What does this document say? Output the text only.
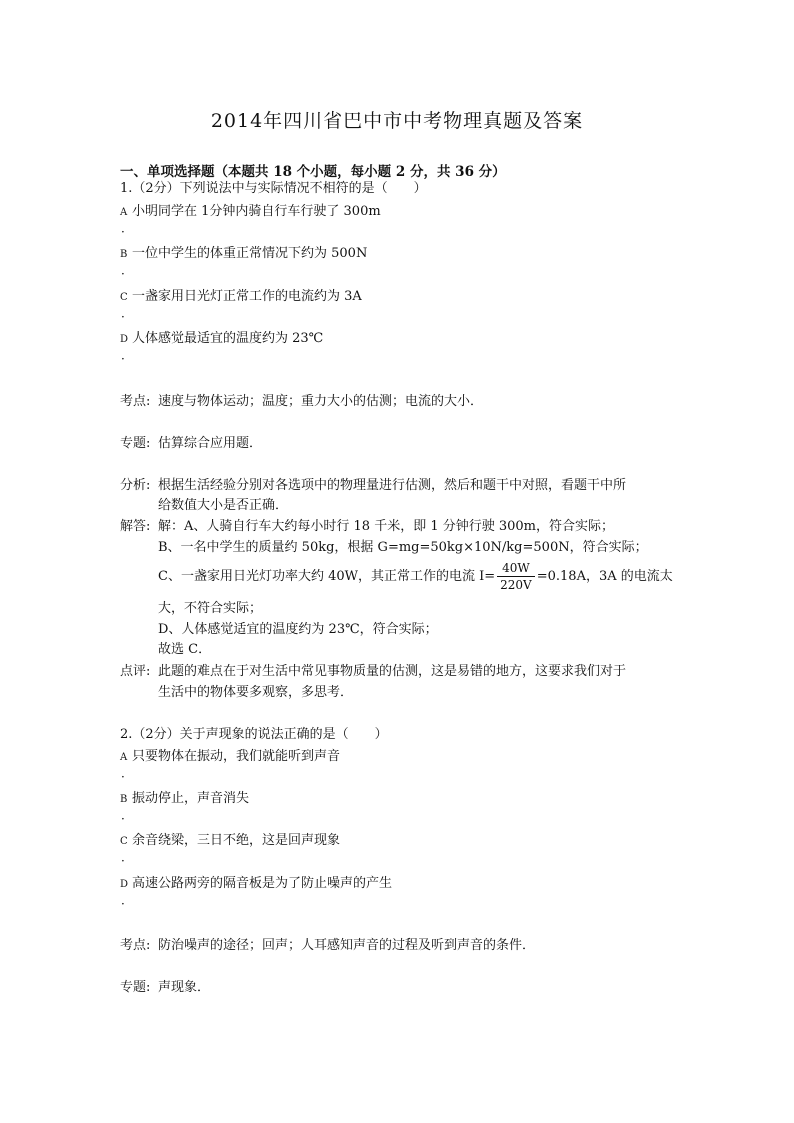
2014年四川省巴中市中考物理真题及答案
一、单项选择题（本题共 18 个小题，每小题 2 分，共 36 分）
1.（2分）下列说法中与实际情况不相符的是（　　）
A 小明同学在 1分钟内骑自行车行驶了 300m
·
B 一位中学生的体重正常情况下约为 500N
·
C 一盏家用日光灯正常工作的电流约为 3A
·
D 人体感觉最适宜的温度约为 23℃
·
考点: 速度与物体运动；温度；重力大小的估测；电流的大小．
专题: 估算综合应用题．
分析: 根据生活经验分别对各选项中的物理量进行估测，然后和题干中对照，看题干中所
给数值大小是否正确．
解答: 解：A、人骑自行车大约每小时行 18 千米，即 1 分钟行驶 300m，符合实际；
B、一名中学生的质量约 50kg，根据 G=mg=50kg×10N/kg=500N，符合实际；
C、一盏家用日光灯功率大约 40W，其正常工作的电流 $I= \frac{40W}{220V} =0.18A$，3A 的电流太
大，不符合实际；
D、人体感觉适宜的温度约为 23℃，符合实际；
故选 C．
点评: 此题的难点在于对生活中常见事物质量的估测，这是易错的地方，这要求我们对于
生活中的物体要多观察，多思考．
2.（2分）关于声现象的说法正确的是（　　）
A 只要物体在振动，我们就能听到声音
·
B 振动停止，声音消失
·
C 余音绕梁，三日不绝，这是回声现象
·
D 高速公路两旁的隔音板是为了防止噪声的产生
·
考点: 防治噪声的途径；回声；人耳感知声音的过程及听到声音的条件．
专题: 声现象．
